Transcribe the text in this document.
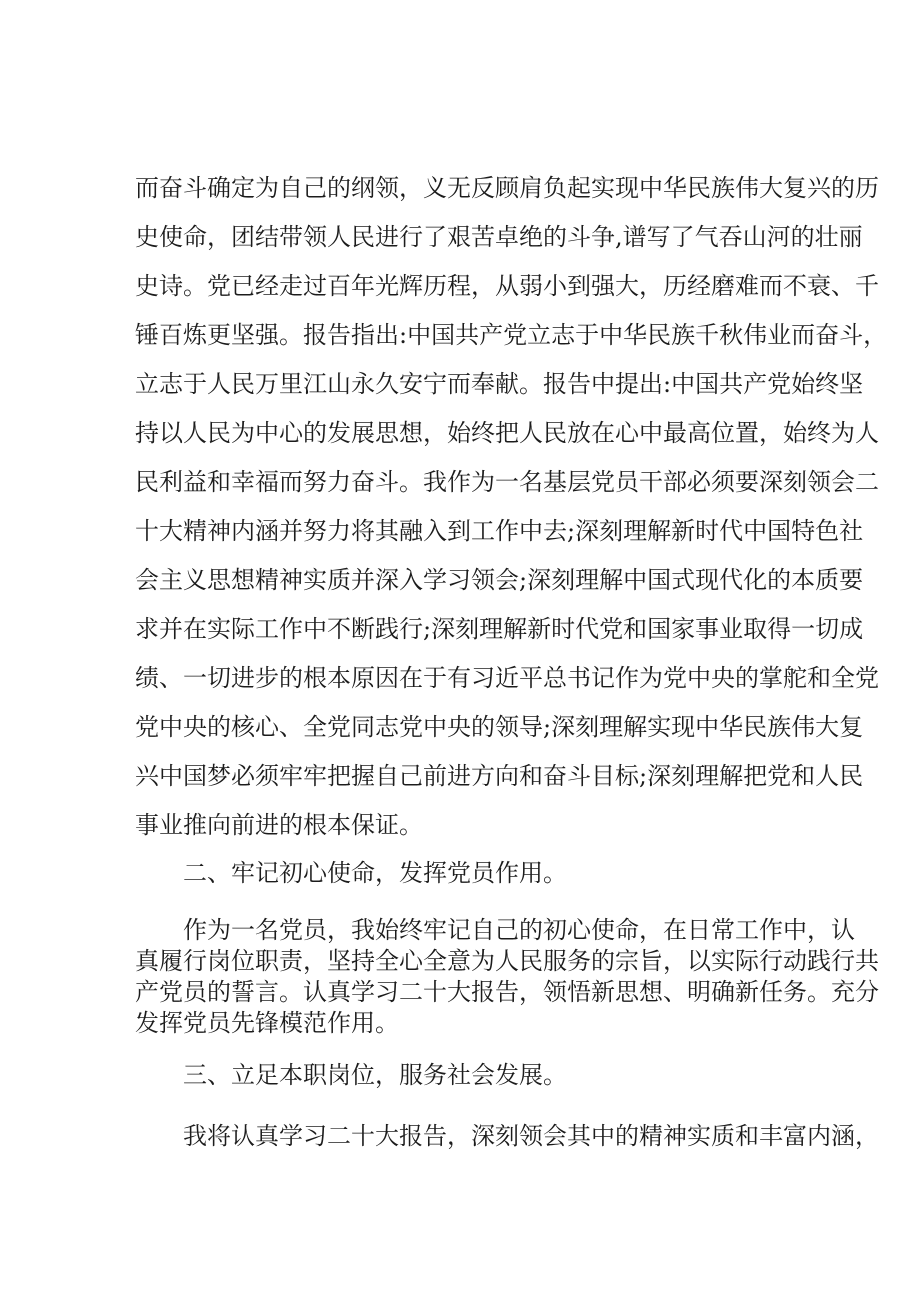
而奋斗确定为自己的纲领，义无反顾肩负起实现中华民族伟大复兴的历
史使命，团结带领人民进行了艰苦卓绝的斗争,谱写了气吞山河的壮丽
史诗。党已经走过百年光辉历程，从弱小到强大，历经磨难而不衰、千
锤百炼更坚强。报告指出:中国共产党立志于中华民族千秋伟业而奋斗，
立志于人民万里江山永久安宁而奉献。报告中提出:中国共产党始终坚
持以人民为中心的发展思想，始终把人民放在心中最高位置，始终为人
民利益和幸福而努力奋斗。我作为一名基层党员干部必须要深刻领会二
十大精神内涵并努力将其融入到工作中去;深刻理解新时代中国特色社
会主义思想精神实质并深入学习领会;深刻理解中国式现代化的本质要
求并在实际工作中不断践行;深刻理解新时代党和国家事业取得一切成
绩、一切进步的根本原因在于有习近平总书记作为党中央的掌舵和全党
党中央的核心、全党同志党中央的领导;深刻理解实现中华民族伟大复
兴中国梦必须牢牢把握自己前进方向和奋斗目标;深刻理解把党和人民
事业推向前进的根本保证。
二、牢记初心使命，发挥党员作用。
作为一名党员，我始终牢记自己的初心使命，在日常工作中，认
真履行岗位职责，坚持全心全意为人民服务的宗旨，以实际行动践行共
产党员的誓言。认真学习二十大报告，领悟新思想、明确新任务。充分
发挥党员先锋模范作用。
三、立足本职岗位，服务社会发展。
我将认真学习二十大报告，深刻领会其中的精神实质和丰富内涵，
